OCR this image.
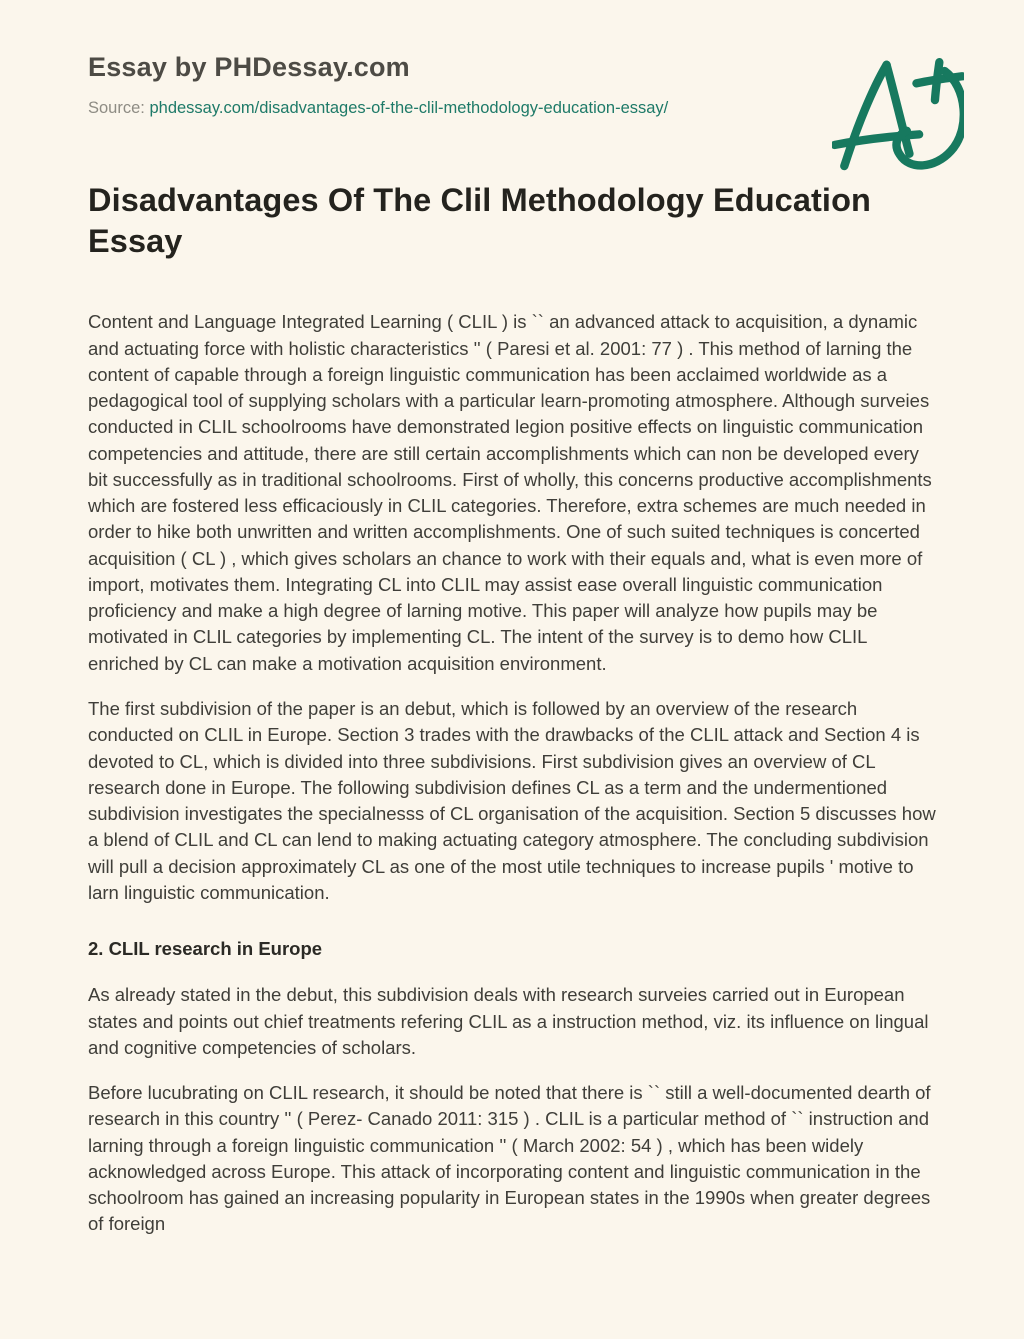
Essay by PHDessay.com
Source: phdessay.com/disadvantages-of-the-clil-methodology-education-essay/
Disadvantages Of The Clil Methodology Education Essay

Content and Language Integrated Learning ( CLIL ) is `` an advanced attack to acquisition, a dynamic and actuating force with holistic characteristics '' ( Paresi et al. 2001: 77 ) . This method of larning the content of capable through a foreign linguistic communication has been acclaimed worldwide as a pedagogical tool of supplying scholars with a particular learn-promoting atmosphere. Although surveies conducted in CLIL schoolrooms have demonstrated legion positive effects on linguistic communication competencies and attitude, there are still certain accomplishments which can non be developed every bit successfully as in traditional schoolrooms. First of wholly, this concerns productive accomplishments which are fostered less efficaciously in CLIL categories. Therefore, extra schemes are much needed in order to hike both unwritten and written accomplishments. One of such suited techniques is concerted acquisition ( CL ) , which gives scholars an chance to work with their equals and, what is even more of import, motivates them. Integrating CL into CLIL may assist ease overall linguistic communication proficiency and make a high degree of larning motive. This paper will analyze how pupils may be motivated in CLIL categories by implementing CL. The intent of the survey is to demo how CLIL enriched by CL can make a motivation acquisition environment.

The first subdivision of the paper is an debut, which is followed by an overview of the research conducted on CLIL in Europe. Section 3 trades with the drawbacks of the CLIL attack and Section 4 is devoted to CL, which is divided into three subdivisions. First subdivision gives an overview of CL research done in Europe. The following subdivision defines CL as a term and the undermentioned subdivision investigates the specialnesss of CL organisation of the acquisition. Section 5 discusses how a blend of CLIL and CL can lend to making actuating category atmosphere. The concluding subdivision will pull a decision approximately CL as one of the most utile techniques to increase pupils ' motive to larn linguistic communication.

2. CLIL research in Europe

As already stated in the debut, this subdivision deals with research surveies carried out in European states and points out chief treatments refering CLIL as a instruction method, viz. its influence on lingual and cognitive competencies of scholars.

Before lucubrating on CLIL research, it should be noted that there is `` still a well-documented dearth of research in this country '' ( Perez- Canado 2011: 315 ) . CLIL is a particular method of `` instruction and larning through a foreign linguistic communication '' ( March 2002: 54 ) , which has been widely acknowledged across Europe. This attack of incorporating content and linguistic communication in the schoolroom has gained an increasing popularity in European states in the 1990s when greater degrees of foreign
